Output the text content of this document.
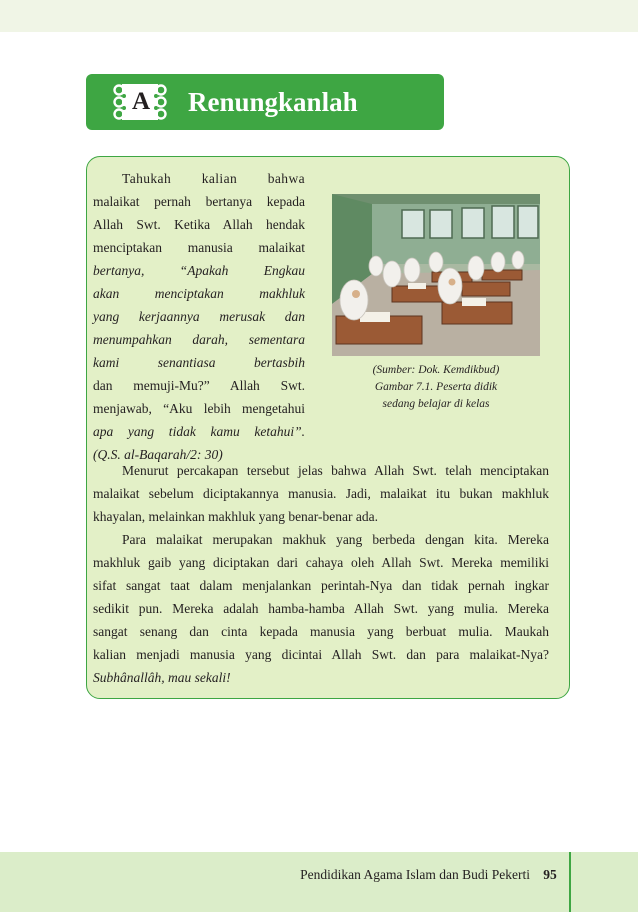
A Renungkanlah
Tahukah kalian bahwa
malaikat pernah bertanya kepada
Allah Swt. Ketika Allah hendak
menciptakan manusia malaikat
bertanya, “Apakah Engkau
akan menciptakan makhluk
yang kerjaannya merusak dan
menumpahkan darah, sementara
kami senantiasa bertasbih
dan memuji-Mu?” Allah Swt.
menjawab, “Aku lebih mengetahui
apa yang tidak kamu ketahui”.
(Q.S. al-Baqarah/2: 30)
(Sumber: Dok. Kemdikbud)
Gambar 7.1. Peserta didik
sedang belajar di kelas
Menurut percakapan tersebut jelas bahwa Allah Swt. telah menciptakan
malaikat sebelum diciptakannya manusia. Jadi, malaikat itu bukan makhluk
khayalan, melainkan makhluk yang benar-benar ada.
Para malaikat merupakan makhuk yang berbeda dengan kita. Mereka
makhluk gaib yang diciptakan dari cahaya oleh Allah Swt. Mereka memiliki
sifat sangat taat dalam menjalankan perintah-Nya dan tidak pernah ingkar
sedikit pun. Mereka adalah hamba-hamba Allah Swt. yang mulia. Mereka
sangat senang dan cinta kepada manusia yang berbuat mulia. Maukah
kalian menjadi manusia yang dicintai Allah Swt. dan para malaikat-Nya?
Subhânallâh, mau sekali!
Pendidikan Agama Islam dan Budi Pekerti 95
